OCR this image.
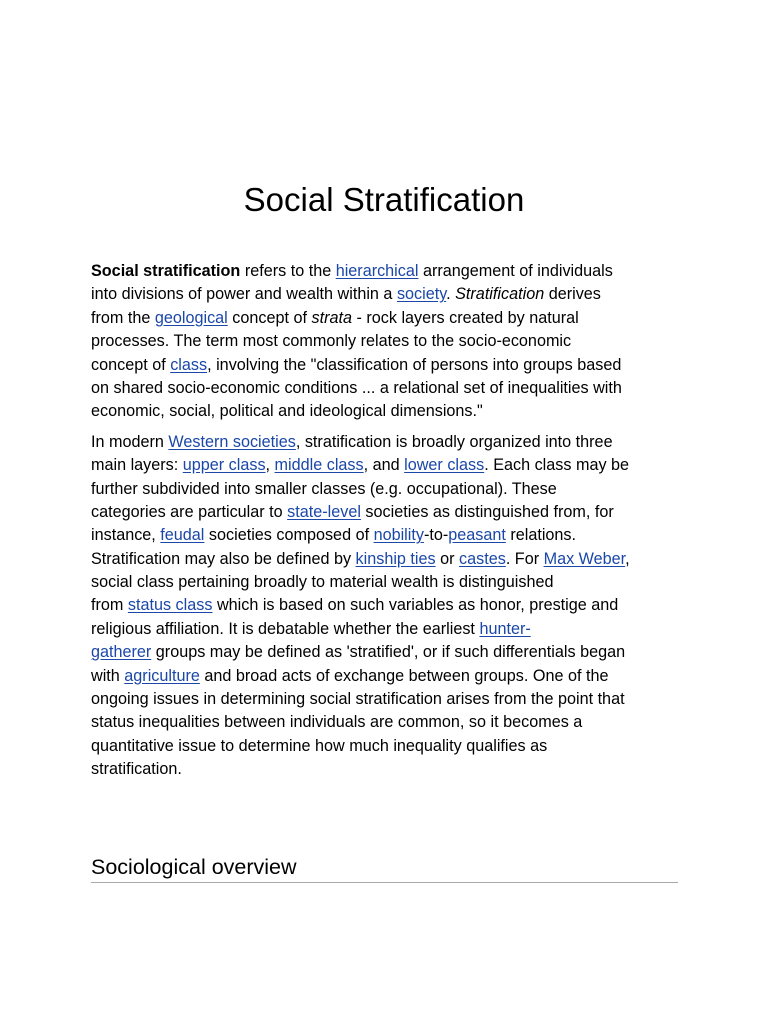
Social Stratification

Social stratification refers to the hierarchical arrangement of individuals
into divisions of power and wealth within a society. Stratification derives
from the geological concept of strata - rock layers created by natural
processes. The term most commonly relates to the socio-economic
concept of class, involving the "classification of persons into groups based
on shared socio-economic conditions ... a relational set of inequalities with
economic, social, political and ideological dimensions."

In modern Western societies, stratification is broadly organized into three
main layers: upper class, middle class, and lower class. Each class may be
further subdivided into smaller classes (e.g. occupational). These
categories are particular to state-level societies as distinguished from, for
instance, feudal societies composed of nobility-to-peasant relations.
Stratification may also be defined by kinship ties or castes. For Max Weber,
social class pertaining broadly to material wealth is distinguished
from status class which is based on such variables as honor, prestige and
religious affiliation. It is debatable whether the earliest hunter-
gatherer groups may be defined as 'stratified', or if such differentials began
with agriculture and broad acts of exchange between groups. One of the
ongoing issues in determining social stratification arises from the point that
status inequalities between individuals are common, so it becomes a
quantitative issue to determine how much inequality qualifies as
stratification.

Sociological overview
